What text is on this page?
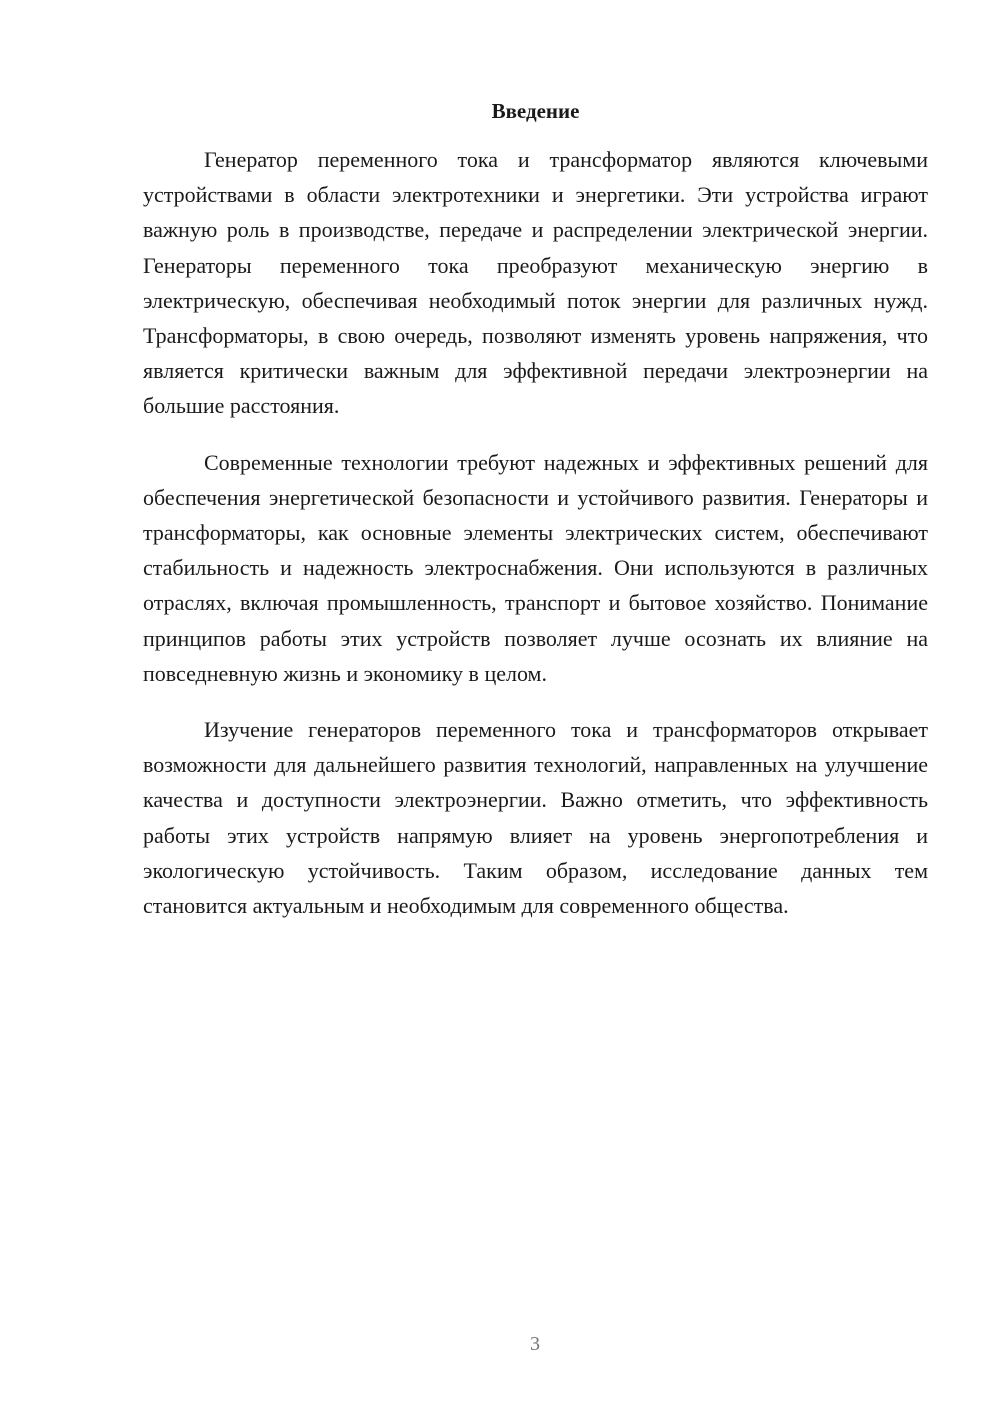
Введение

Генератор переменного тока и трансформатор являются ключевыми устройствами в области электротехники и энергетики. Эти устройства играют важную роль в производстве, передаче и распределении электрической энергии. Генераторы переменного тока преобразуют механическую энергию в электрическую, обеспечивая необходимый поток энергии для различных нужд. Трансформаторы, в свою очередь, позволяют изменять уровень напряжения, что является критически важным для эффективной передачи электроэнергии на большие расстояния.

Современные технологии требуют надежных и эффективных решений для обеспечения энергетической безопасности и устойчивого развития. Генераторы и трансформаторы, как основные элементы электрических систем, обеспечивают стабильность и надежность электроснабжения. Они используются в различных отраслях, включая промышленность, транспорт и бытовое хозяйство. Понимание принципов работы этих устройств позволяет лучше осознать их влияние на повседневную жизнь и экономику в целом.

Изучение генераторов переменного тока и трансформаторов открывает возможности для дальнейшего развития технологий, направленных на улучшение качества и доступности электроэнергии. Важно отметить, что эффективность работы этих устройств напрямую влияет на уровень энергопотребления и экологическую устойчивость. Таким образом, исследование данных тем становится актуальным и необходимым для современного общества.

3
